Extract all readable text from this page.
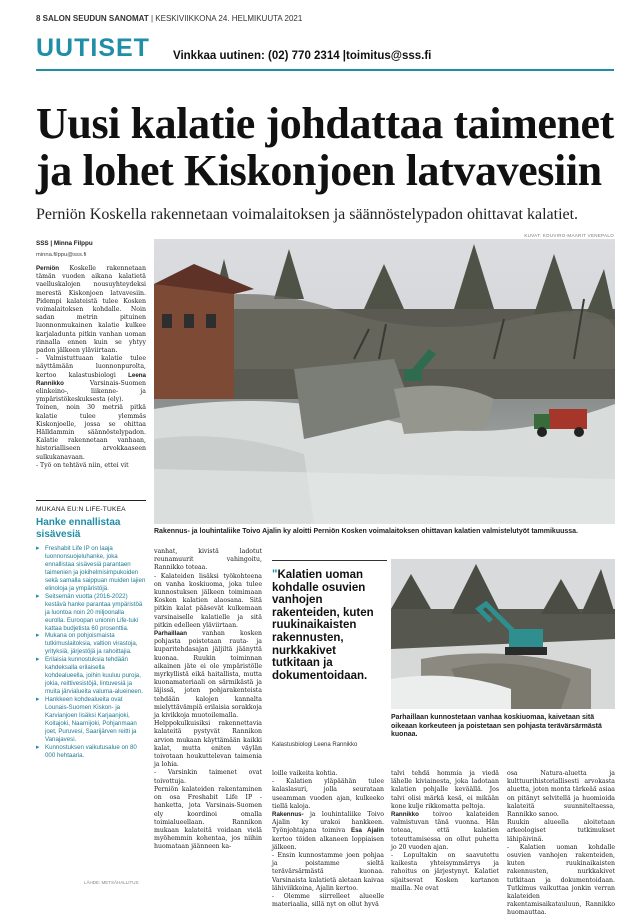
8 SALON SEUDUN SANOMAT | KESKIVIIKKONA 24. HELMIKUUTA 2021
UUTISET Vinkkaa uutinen: (02) 770 2314 |toimitus@sss.fi
Uusi kalatie johdattaa taimenet ja lohet Kiskonjoen latvavesiin
Perniön Koskella rakennetaan voimalaitoksen ja säännöstelypadon ohittavat kalatiet.
KUVAT: KOUVIRO-MAARIT VENEPALO
SSS | Minna Filppu
minna.filppu@sss.fi

Perniön Koskelle rakennetaan tämän vuoden aikana kalatietä vaelluskalojen nousuyhteydeksi merestä Kiskonjoen latvavesiin. Pidempi kalateistä tulee Kosken voimalaitoksen kohdalle. Noin sadan metrin pituinen luonnonmukainen kalatie kulkee karjaladunta pitkin vanhan uoman rinnalla ennen kuin se yhtyy padon jälkeen yläviirtaan.

- Valmistuttuaan kalatie tulee näyttämään luonnonpurolta, kertoo kalastusbiologi Leena Rannikko Varsinais-Suomen elinkeino-, liikenne- ja ympäristökeskuksesta (ely).

Toinen, noin 30 metriä pitkä kalatie tulee ylemmäs Kiskonjoelle, jossa se ohittaa Hälldammin säännöstelypadon. Kalatie rakennetaan vanhaan, historialliseen arvokkaaseen sulkukanavaan.

- Työ on tehtävä niin, ettei vit

MUKANA EU:N LIFE-TUKEA
Hanke ennallistaa sisävesiä
▸ Freshabit Life IP on laaja luonnonsuojeluhanke, joka ennallistaa sisävesiä parantaen taimenien ja jokihelmisimpukoiden sekä samalla saippuan muiden lajien elinoloja ja ympäristöjä.
▸ Seitsemän vuotta (2016-2022) kestävä hanke parantaa ympäristöä ja luontoa noin 20 miljoonalla eurolla. Euroopan unionin Life-tuki kattaa budjetista 60 prosenttia.
▸ Mukana on pohjoismaista tutkimuslaitoksia, valtion virastoja, yrityksiä, järjestöjä ja rahoittajia.
▸ Erilaisia kunnostuksia tehdään kahdeksalla erilaisella kohdealueella, joihin kuuluu puroja, jokia, reittivesistöjä, lintuvesiä ja muita järvialueita valuma-alueineen.
▸ Hankkeen kohdealueita ovat Lounais-Suomen Kiskon- ja Karvianjoen lisäksi Karjaanjoki, Koitajoki, Naarnijoki, Pohjanmaan joet, Puruvesi, Saarijärven reitti ja Vanajavesi.
▸ Kunnostuksen vaikutusalue on 80 000 hehtaaria.
LÄHDE: METSÄHALLITUS
Rakennus- ja louhintaliike Toivo Ajalin ky aloitti Perniön Kosken voimalaitoksen ohittavan kalatien valmistelutyöt tammikuussa.

vanhat, kivistä ladotut reunamuurit vahingoitu, Rannikko toteaa.

- Kalateiden lisäksi työkohteena on vanha koskiuoma, joka tulee kunnostuksen jälkeen toimimaan Kosken kalatien alaosana. Sitä pitkin kalat pääsevät kulkemaan varsinaiselle kalatielle ja sitä pitkin edelleen yläviirtaan.

Parhaillaan vanhan kosken pohjasta poistetaan rauta- ja kuparitehdasajan jäljiltä jäänyttä kuonaa. Ruukin toiminnan aikainen jäte ei ole ympäristölle myrkyllistä eikä haitallista, mutta kuonamateriaali on särmikästä ja läjissä, joten pohjarakenteista tehdään kalojen kannalta mielyttävämpiä erilaisia sorakkoja ja kivikkoja muotoilemalla.

Helppokulkuisiksi rakennettavia kalateitä pystyvät Rannikon arvion mukaan käyttämään kaikki kalat, mutta eniten väylän toivotaan houkuttelevan taimenia ja lohia.

- Varsinkin taimenet ovat toivottuja.

Perniön kalateiden rakentaminen on osa Freshabit Life IP -hanketta, jota Varsinais-Suomen ely koordinoi omalla toimialueellaan. Rannikon mukaan kalateitä voidaan vielä myöhemmin kohentaa, jos niihin huomataan jäänneen ka-

"Kalatien uoman kohdalle osuvien vanhojen rakenteiden, kuten ruukinaikaisten rakennusten, nurkkakivet tutkitaan ja dokumentoidaan.
Kalastusbiologi Leena Rannikko

loille vaikeita kohtia.

- Kalatien yläpäähän tulee kalaslasuri, jolla seurataan useamman vuoden ajan, kulkeeko tiellä kaloja.

Rakennus- ja louhintaliike Toivo Ajalin ky urakoi hankkeen. Työnjohtajana toimiva Esa Ajalin kertoo töiden alkaneen loppiaisen jälkeen.

- Ensin kunnostamme joen pohjaa ja poistamme sieltä terävärsärmästä kuonaa. Varsinaista kalatietä aletaan kaivaa lähiviikkoina, Ajalin kertoo.

- Olemme siirrelleet alueelle materiaalia, sillä nyt on ollut hyvä

Parhaillaan kunnostetaan vanhaa koskiuomaa, kaivetaan sitä oikeaan korkeuteen ja poistetaan sen pohjasta terävärsärmästä kuonaa.

talvi tehdä hommia ja viedä lähelle kiviainesta, joka ladotaan kalatien pohjalle keväällä. Jos talvi olisi märkä kesä, ei mikään kone kulje rikkomatta peltoja.

Rannikko toivoo kalateiden valmistuvan tänä vuonna. Hän toteaa, että kalatien toteuttamisessa on ollut puhetta jo 20 vuoden ajan.

- Lopultakin on saavutettu kaikesta yhteisymmärrys ja rahoitus on järjestynyt. Kalatiet sijaitsevat Kosken kartanon mailla. Ne ovat

osa Natura-aluetta ja kulttuurihistoriallisesti arvokasta aluetta, joten monta tärkeää asiaa on pitänyt selvitellä ja huomioida kalateitä suunniteltaessa, Rannikko sanoo.

Ruukin alueella aloitetaan arkeologiset tutkimukset lähipäivinä.

- Kalatien uoman kohdalle osuvien vanhojen rakenteiden, kuten ruukinaikaisten rakennusten, nurkkakivet tutkitaan ja dokumentoidaan. Tutkimus vaikuttaa jonkin verran kalateiden rakentamisaikatauluun, Rannikko huomauttaa.
